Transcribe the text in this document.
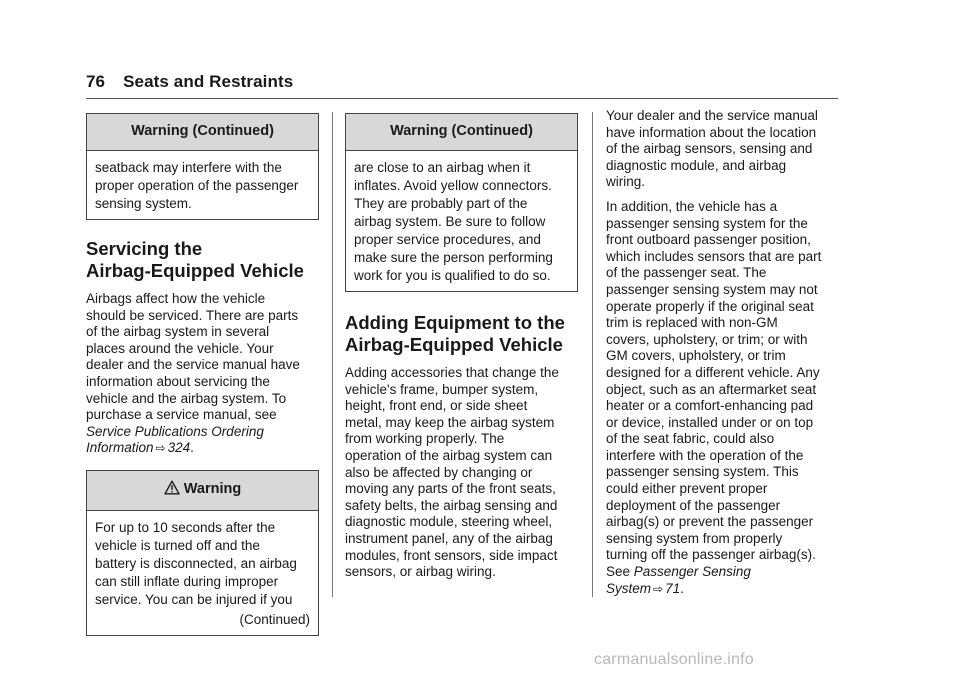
76 Seats and Restraints
Warning (Continued)
seatback may interfere with the
proper operation of the passenger
sensing system.
Servicing the
Airbag-Equipped Vehicle

Airbags affect how the vehicle

should be serviced. There are parts

of the airbag system in several

places around the vehicle. Your

dealer and the service manual have

information about servicing the

vehicle and the airbag system. To

purchase a service manual, see

Service Publications Ordering

Information ⇨ 324.

Warning
For up to 10 seconds after the
vehicle is turned off and the
battery is disconnected, an airbag
can still inflate during improper
service. You can be injured if you
(Continued)
Warning (Continued)
are close to an airbag when it
inflates. Avoid yellow connectors.
They are probably part of the
airbag system. Be sure to follow
proper service procedures, and
make sure the person performing
work for you is qualified to do so.
Adding Equipment to the
Airbag-Equipped Vehicle

Adding accessories that change the

vehicle's frame, bumper system,

height, front end, or side sheet

metal, may keep the airbag system

from working properly. The

operation of the airbag system can

also be affected by changing or

moving any parts of the front seats,

safety belts, the airbag sensing and

diagnostic module, steering wheel,

instrument panel, any of the airbag

modules, front sensors, side impact

sensors, or airbag wiring.

Your dealer and the service manual

have information about the location

of the airbag sensors, sensing and

diagnostic module, and airbag

wiring.

In addition, the vehicle has a

passenger sensing system for the

front outboard passenger position,

which includes sensors that are part

of the passenger seat. The

passenger sensing system may not

operate properly if the original seat

trim is replaced with non-GM

covers, upholstery, or trim; or with

GM covers, upholstery, or trim

designed for a different vehicle. Any

object, such as an aftermarket seat

heater or a comfort-enhancing pad

or device, installed under or on top

of the seat fabric, could also

interfere with the operation of the

passenger sensing system. This

could either prevent proper

deployment of the passenger

airbag(s) or prevent the passenger

sensing system from properly

turning off the passenger airbag(s).

See Passenger Sensing

System ⇨ 71.

carmanualsonline.info
